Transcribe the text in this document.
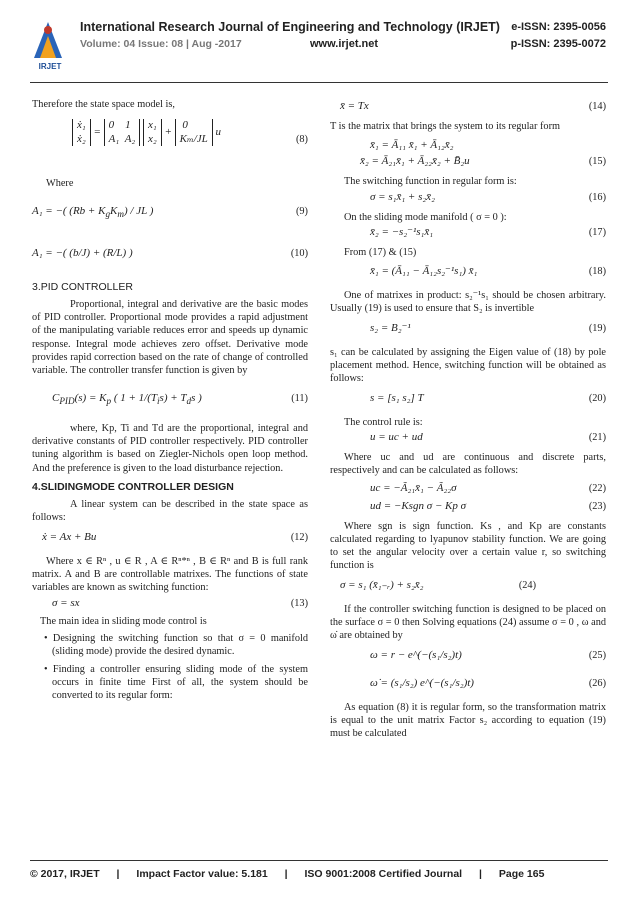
IRJET
International Research Journal of Engineering and Technology (IRJET) e-ISSN: 2395-0056
Volume: 04 Issue: 08 | Aug -2017	www.irjet.net	p-ISSN: 2395-0072

Therefore the state space model is,

ẋ₁
ẋ₂ = 0    1
A₁  A₂ x₁
x₂ +  0
Kₘ/JL u
(8)

Where

A₁ = −( $(Rb + K_gK_m)$ / JL )	(9)
A₁ = −( (b/J) + (R/L) )	(10)
3.PID CONTROLLER

Proportional, integral and derivative are the basic modes of PID controller. Proportional mode provides a rapid adjustment of the manipulating variable reduces error and speeds up dynamic response. Integral mode achieves zero offset. Derivative mode provides rapid correction based on the rate of change of controlled variable. The controller transfer function is given by

$C_{PID}(s) = K_p$ ( $1 + 1/(T_is) + T_ds$ )	(11)

where, Kp, Ti and Td are the proportional, integral and derivative constants of PID controller respectively. PID controller tuning algorithm is based on Ziegler-Nichols open loop method. And the preference is given to the load disturbance rejection.

4.SLIDINGMODE CONTROLLER DESIGN

A linear system can be described in the state space as follows:

ẋ = Ax + Bu	(12)

Where x ∈ Rⁿ , u ∈ R , A ∈ Rⁿ*ⁿ , B ∈ Rⁿ and B is full rank matrix. A and B are controllable matrixes. The functions of state variables are known as switching function:

σ = sx	(13)

The main idea in sliding mode control is

• Designing the switching function so that σ = 0 manifold (sliding mode) provide the desired dynamic.

• Finding a controller ensuring sliding mode of the system occurs in finite time First of all, the system should be converted to its regular form:

x̄ = Tx	(14)

T is the matrix that brings the system to its regular form

x̄₁ = Ā₁₁ x̄₁ + Ā₁₂x̄₂
x̄₂ = Ā₂₁x̄₁ + Ā₂₂x̄₂ + B̄₂u	(15)

The switching function in regular form is:

σ = s₁x̄₁ + s₂x̄₂	(16)

On the sliding mode manifold ( σ = 0 ):

x̄₂ = −s₂⁻¹s₁x̄₁	(17)

From (17) & (15)

x̄₁ = (Ā₁₁ − Ā₁₂s₂⁻¹s₁) x̄₁	(18)

One of matrixes in product: s₂⁻¹s₁ should be chosen arbitrary. Usually (19) is used to ensure that S₂ is invertible

s₂ = B₂⁻¹	(19)

s₁ can be calculated by assigning the Eigen value of (18) by pole placement method. Hence, switching function will be obtained as follows:

s = [s₁ s₂] T	(20)

The control rule is:

u = uc + ud	(21)

Where uc and ud are continuous and discrete parts, respectively and can be calculated as follows:

uc = −Ã₂₁x̄₁ − Ã₂₂σ	(22)
ud = −Ksgn σ − Kp σ	(23)

Where sgn is sign function. Ks , and Kp are constants calculated regarding to lyapunov stability function. We are going to set the angular velocity over a certain value r, so switching function is

σ = s₁ (x̄₁₋ᵣ) + s₂x̄₂	(24)

If the controller switching function is designed to be placed on the surface σ = 0 then Solving equations (24) assume σ = 0 , ω and ω̇ are obtained by

ω = r − e^(−(s₁/s₂)t)	(25)
ω̇ = (s₁/s₂) e^(−(s₁/s₂)t)	(26)

As equation (8) it is regular form, so the transformation matrix is equal to the unit matrix Factor s₂ according to equation (19) must be calculated

© 2017, IRJET | Impact Factor value: 5.181 | ISO 9001:2008 Certified Journal | Page 165
